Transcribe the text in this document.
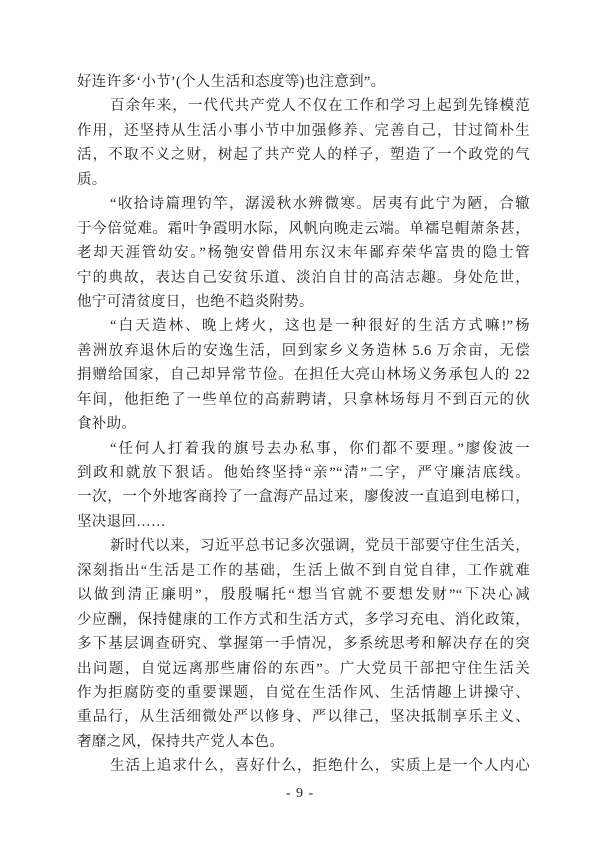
好连许多‘小节’(个人生活和态度等)也注意到”。
百余年来，一代代共产党人不仅在工作和学习上起到先锋模范
作用，还坚持从生活小事小节中加强修养、完善自己，甘过简朴生
活，不取不义之财，树起了共产党人的样子，塑造了一个政党的气
质。
“收拾诗篇理钓竿，潺湲秋水辨微寒。居夷有此宁为陋，合辙
于今倍觉难。霜叶争霞明水际，风帆向晚走云端。单襦皂帽萧条甚，
老却天涯管幼安。”杨匏安曾借用东汉末年鄙弃荣华富贵的隐士管
宁的典故，表达自己安贫乐道、淡泊自甘的高洁志趣。身处危世，
他宁可清贫度日，也绝不趋炎附势。
“白天造林、晚上烤火，这也是一种很好的生活方式嘛!”杨
善洲放弃退休后的安逸生活，回到家乡义务造林 5.6 万余亩，无偿
捐赠给国家，自己却异常节俭。在担任大亮山林场义务承包人的 22
年间，他拒绝了一些单位的高薪聘请，只拿林场每月不到百元的伙
食补助。
“任何人打着我的旗号去办私事，你们都不要理。”廖俊波一
到政和就放下狠话。他始终坚持“亲”“清”二字，严守廉洁底线。
一次，一个外地客商拎了一盒海产品过来，廖俊波一直追到电梯口，
坚决退回……
新时代以来，习近平总书记多次强调，党员干部要守住生活关，
深刻指出“生活是工作的基础，生活上做不到自觉自律，工作就难
以做到清正廉明”，殷殷嘱托“想当官就不要想发财”“下决心减
少应酬，保持健康的工作方式和生活方式，多学习充电、消化政策，
多下基层调查研究、掌握第一手情况，多系统思考和解决存在的突
出问题，自觉远离那些庸俗的东西”。广大党员干部把守住生活关
作为拒腐防变的重要课题，自觉在生活作风、生活情趣上讲操守、
重品行，从生活细微处严以修身、严以律己，坚决抵制享乐主义、
奢靡之风，保持共产党人本色。
生活上追求什么，喜好什么，拒绝什么，实质上是一个人内心
- 9 -
